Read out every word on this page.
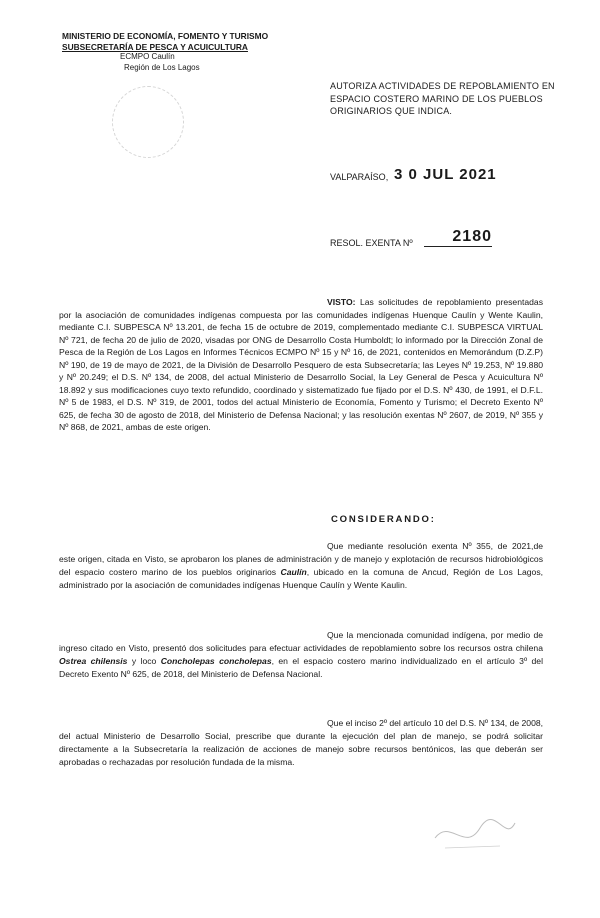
MINISTERIO DE ECONOMÍA, FOMENTO Y TURISMO
SUBSECRETARÍA DE PESCA Y ACUICULTURA
ECMPO Caulín
Región de Los Lagos
AUTORIZA ACTIVIDADES DE REPOBLAMIENTO EN ESPACIO COSTERO MARINO DE LOS PUEBLOS ORIGINARIOS QUE INDICA.
VALPARAÍSO, 3 0 JUL 2021
RESOL. EXENTA Nº	2180

VISTO: Las solicitudes de repoblamiento presentadas por la asociación de comunidades indígenas compuesta por las comunidades indígenas Huenque Caulín y Wente Kaulin, mediante C.I. SUBPESCA Nº 13.201, de fecha 15 de octubre de 2019, complementado mediante C.I. SUBPESCA VIRTUAL Nº 721, de fecha 20 de julio de 2020, visadas por ONG de Desarrollo Costa Humboldt; lo informado por la Dirección Zonal de Pesca de la Región de Los Lagos en Informes Técnicos ECMPO Nº 15 y Nº 16, de 2021, contenidos en Memorándum (D.Z.P) Nº 190, de 19 de mayo de 2021, de la División de Desarrollo Pesquero de esta Subsecretaría; las Leyes Nº 19.253, Nº 19.880 y Nº 20.249; el D.S. Nº 134, de 2008, del actual Ministerio de Desarrollo Social, la Ley General de Pesca y Acuicultura Nº 18.892 y sus modificaciones cuyo texto refundido, coordinado y sistematizado fue fijado por el D.S. Nº 430, de 1991, el D.F.L. Nº 5 de 1983, el D.S. Nº 319, de 2001, todos del actual Ministerio de Economía, Fomento y Turismo; el Decreto Exento Nº 625, de fecha 30 de agosto de 2018, del Ministerio de Defensa Nacional; y las resolución exentas Nº 2607, de 2019, Nº 355 y Nº 868, de 2021, ambas de este origen.

CONSIDERANDO:
Que mediante resolución exenta Nº 355, de 2021,de este origen, citada en Visto, se aprobaron los planes de administración y de manejo y explotación de recursos hidrobiológicos del espacio costero marino de los pueblos originarios Caulín, ubicado en la comuna de Ancud, Región de Los Lagos, administrado por la asociación de comunidades indígenas Huenque Caulín y Wente Kaulin.
Que la mencionada comunidad indígena, por medio de ingreso citado en Visto, presentó dos solicitudes para efectuar actividades de repoblamiento sobre los recursos ostra chilena Ostrea chilensis y loco Concholepas concholepas, en el espacio costero marino individualizado en el artículo 3º del Decreto Exento Nº 625, de 2018, del Ministerio de Defensa Nacional.
Que el inciso 2º del artículo 10 del D.S. Nº 134, de 2008, del actual Ministerio de Desarrollo Social, prescribe que durante la ejecución del plan de manejo, se podrá solicitar directamente a la Subsecretaría la realización de acciones de manejo sobre recursos bentónicos, las que deberán ser aprobadas o rechazadas por resolución fundada de la misma.
